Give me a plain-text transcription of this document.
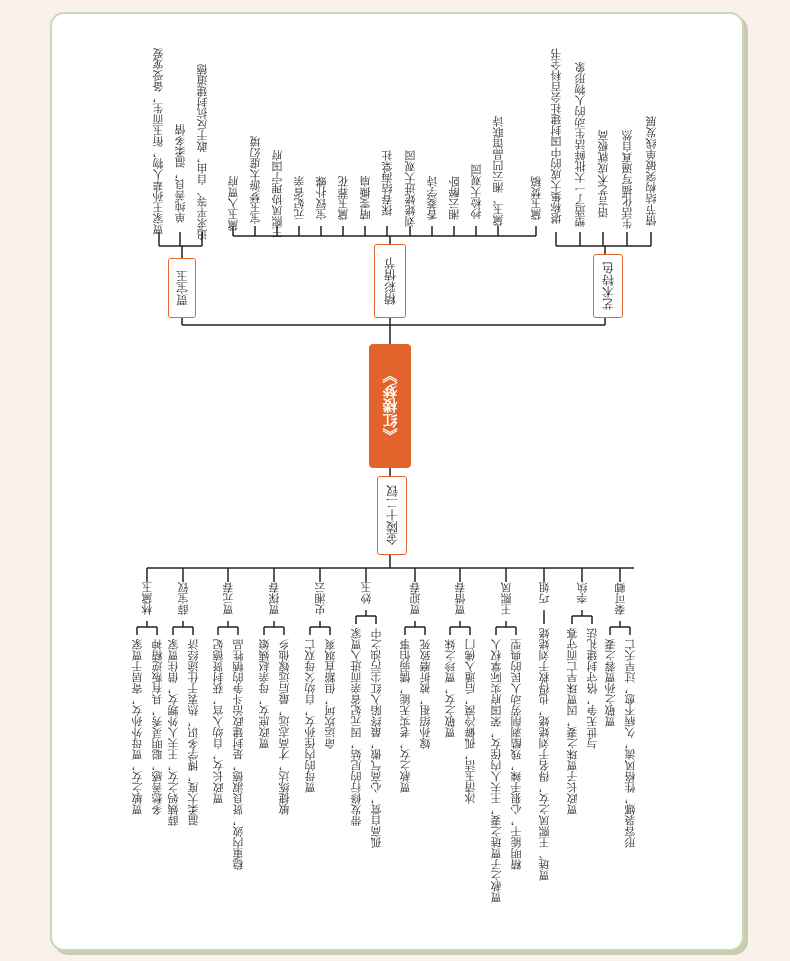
《红楼梦》
贾宝玉	精彩情节	艺术特色
贾家王孙辈人物，衔玉而生，备受宠爱 单纯善良，温柔多情 追求平等、自由，敢于反抗封建道德 黛玉入贾府 宝玉梦游太虚幻境 王熙凤协理宁国府 元妃省亲 宝钗扑蝶 黛玉葬花 晴雯撕扇 探春结海棠社 刘姥姥进大观园 香菱学诗 湘云醉卧 抄检大观园 黛玉、湘云凹晶馆联诗 黛玉焚稿 堪称集大成的中国封建社会百科全书 塑造了一大批鲜活生动的人物形象 语言艺术成就极高 生活化描写逼真自然 情节结构突破单线发展
金陵十二钗
林黛玉
贾敏之女，贾母外孙女，寄居于贾家 多愁善感，聪明灵秀，具有叛逆精神
薛宝钗
薛姨妈之女，王夫人外甥女，借住贾家 温柔大度，博学多识，热衷于仕途经济
贾元春
贾政长女，自幼入宫，获封贤德妃 稳重内敛，贤良淑德，是封建政治斗争的牺牲品
贾探春
贾政庶女，母亲赵姨娘 敏捷练达，才高志远，最后远嫁他乡
史湘云
贾母的内侄孙女，自幼父母双亡 命运坎坷，但豁直飒爽
妙玉
带发修行的尼姑，因元妃省亲而进入贾家 孤高自赏，心高气傲，最终陷入红尘污浊之中
贾迎春
贾赦之女，老实无能，懦弱怕事 嫁孙绍祖，被折磨致死
贾惜春
贾敬之女，贾珍之妹 冰清玉洁，孤僻冷漠，后遁入佛门
王熙凤
贾赦之子贾琏之妻，王夫人内侄女，荣国府实际掌权人 精明能干，心狠手辣，残酷剥削劳动人民的典型
巧姐
贾琏、王熙凤之女，得名于刘姥姥，也得救于刘姥姥
李纨
贾政长子贾珠之妻，因贾珠早亡而守寡 与世无争，恪守封建礼法
秦可卿
贾敬之孙贾蓉之妻 形容袅娜，性格风流，久病不愈，过早夭亡
